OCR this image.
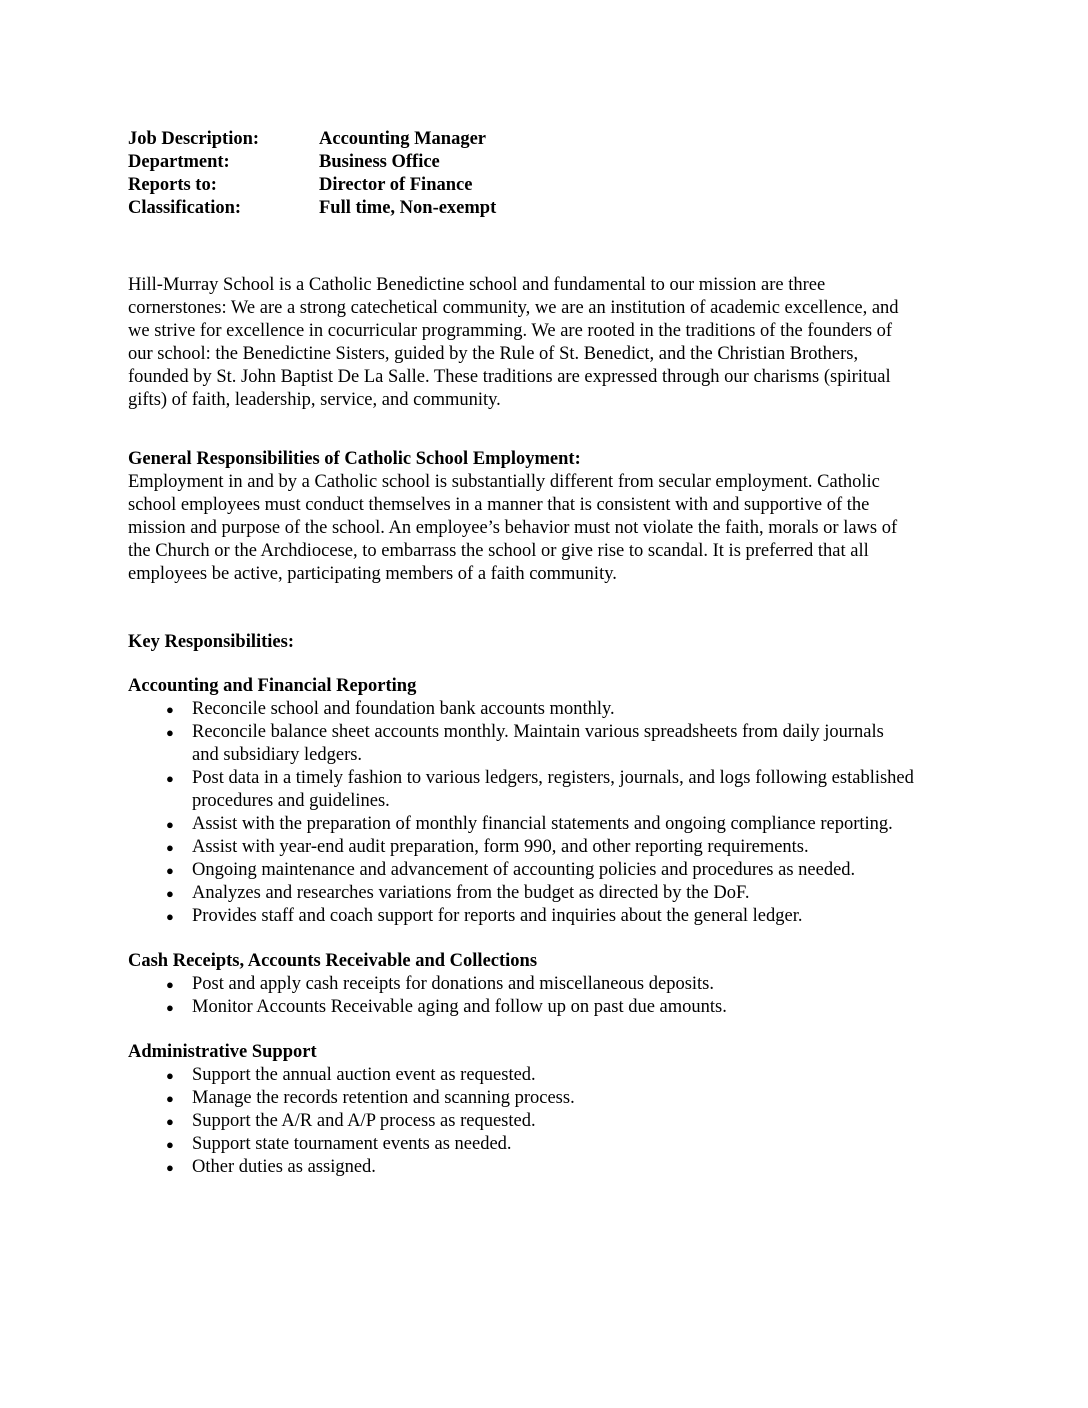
Job Description:	Accounting Manager
Department:	Business Office
Reports to:	Director of Finance
Classification:	Full time, Non-exempt
Hill-Murray School is a Catholic Benedictine school and fundamental to our mission are three
cornerstones: We are a strong catechetical community, we are an institution of academic excellence, and
we strive for excellence in cocurricular programming. We are rooted in the traditions of the founders of
our school: the Benedictine Sisters, guided by the Rule of St. Benedict, and the Christian Brothers,
founded by St. John Baptist De La Salle. These traditions are expressed through our charisms (spiritual
gifts) of faith, leadership, service, and community.
General Responsibilities of Catholic School Employment:
Employment in and by a Catholic school is substantially different from secular employment. Catholic
school employees must conduct themselves in a manner that is consistent with and supportive of the
mission and purpose of the school. An employee’s behavior must not violate the faith, morals or laws of
the Church or the Archdiocese, to embarrass the school or give rise to scandal. It is preferred that all
employees be active, participating members of a faith community.
Key Responsibilities:
Accounting and Financial Reporting
● Reconcile school and foundation bank accounts monthly.
● Reconcile balance sheet accounts monthly. Maintain various spreadsheets from daily journals
and subsidiary ledgers.
● Post data in a timely fashion to various ledgers, registers, journals, and logs following established
procedures and guidelines.
● Assist with the preparation of monthly financial statements and ongoing compliance reporting.
● Assist with year-end audit preparation, form 990, and other reporting requirements.
● Ongoing maintenance and advancement of accounting policies and procedures as needed.
● Analyzes and researches variations from the budget as directed by the DoF.
● Provides staff and coach support for reports and inquiries about the general ledger.
Cash Receipts, Accounts Receivable and Collections
● Post and apply cash receipts for donations and miscellaneous deposits.
● Monitor Accounts Receivable aging and follow up on past due amounts.
Administrative Support
● Support the annual auction event as requested.
● Manage the records retention and scanning process.
● Support the A/R and A/P process as requested.
● Support state tournament events as needed.
● Other duties as assigned.
